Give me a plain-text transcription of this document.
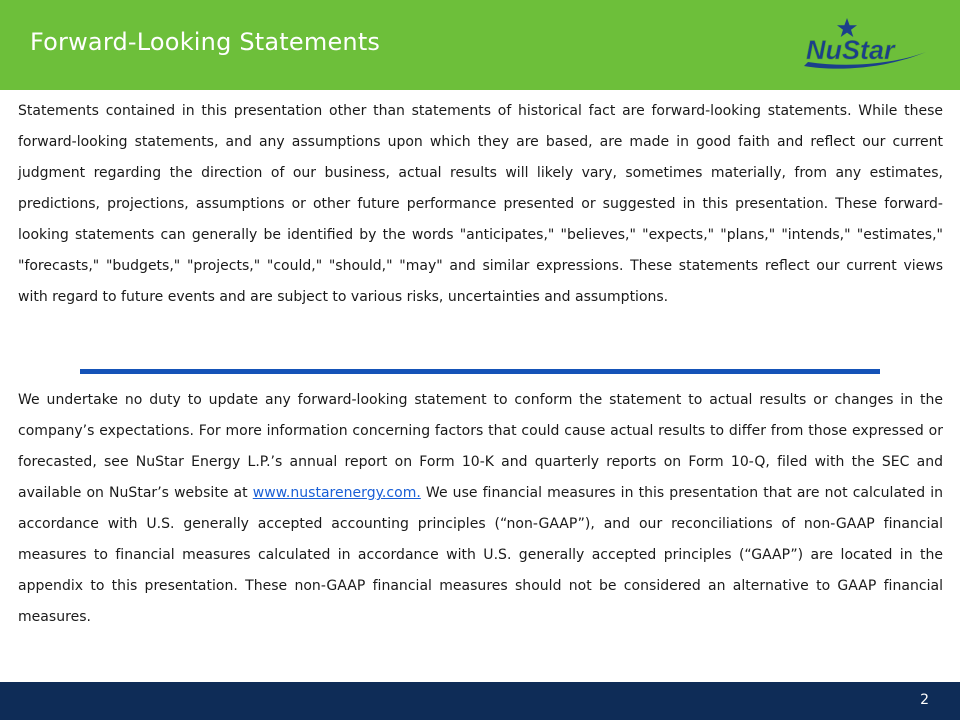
Forward-Looking Statements	NuStar

Statements contained in this presentation other than statements of historical fact are forward-looking statements. While these forward-looking statements, and any assumptions upon which they are based, are made in good faith and reflect our current judgment regarding the direction of our business, actual results will likely vary, sometimes materially, from any estimates, predictions, projections, assumptions or other future performance presented or suggested in this presentation. These forward-looking statements can generally be identified by the words "anticipates," "believes," "expects," "plans," "intends," "estimates," "forecasts," "budgets," "projects," "could," "should," "may" and similar expressions. These statements reflect our current views with regard to future events and are subject to various risks, uncertainties and assumptions.

We undertake no duty to update any forward-looking statement to conform the statement to actual results or changes in the company’s expectations. For more information concerning factors that could cause actual results to differ from those expressed or forecasted, see NuStar Energy L.P.’s annual report on Form 10-K and quarterly reports on Form 10-Q, filed with the SEC and available on NuStar’s website at www.nustarenergy.com. We use financial measures in this presentation that are not calculated in accordance with U.S. generally accepted accounting principles (“non-GAAP”), and our reconciliations of non-GAAP financial measures to financial measures calculated in accordance with U.S. generally accepted principles (“GAAP”) are located in the appendix to this presentation. These non-GAAP financial measures should not be considered an alternative to GAAP financial measures.

2
